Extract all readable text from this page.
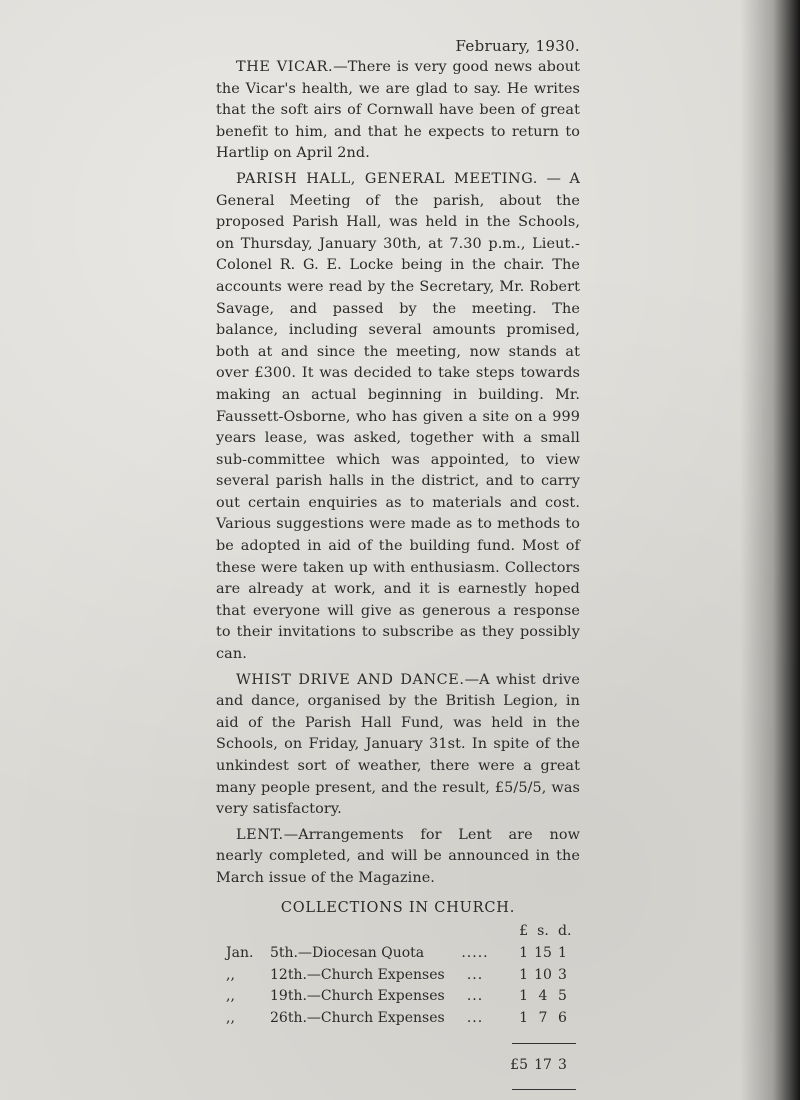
February, 1930.

THE VICAR.—There is very good news about the Vicar's health, we are glad to say. He writes that the soft airs of Cornwall have been of great benefit to him, and that he expects to return to Hartlip on April 2nd.

PARISH HALL, GENERAL MEETING. — A General Meeting of the parish, about the proposed Parish Hall, was held in the Schools, on Thursday, January 30th, at 7.30 p.m., Lieut.-Colonel R. G. E. Locke being in the chair. The accounts were read by the Secretary, Mr. Robert Savage, and passed by the meeting. The balance, including several amounts promised, both at and since the meeting, now stands at over £300. It was decided to take steps towards making an actual beginning in building. Mr. Faussett-Osborne, who has given a site on a 999 years lease, was asked, together with a small sub-committee which was appointed, to view several parish halls in the district, and to carry out certain enquiries as to materials and cost. Various suggestions were made as to methods to be adopted in aid of the building fund. Most of these were taken up with enthusiasm. Collectors are already at work, and it is earnestly hoped that everyone will give as generous a response to their invitations to subscribe as they possibly can.

WHIST DRIVE AND DANCE.—A whist drive and dance, organised by the British Legion, in aid of the Parish Hall Fund, was held in the Schools, on Friday, January 31st. In spite of the unkindest sort of weather, there were a great many people present, and the result, £5/5/5, was very satisfactory.

LENT.—Arrangements for Lent are now nearly completed, and will be announced in the March issue of the Magazine.

COLLECTIONS IN CHURCH.
			£	s.	d.
Jan.	5th.—Diocesan Quota	.....	1	15	1
,,	12th.—Church Expenses	...	1	10	3
,,	19th.—Church Expenses	...	1	4	5
,,	26th.—Church Expenses	...	1	7	6

			£5	17	3
